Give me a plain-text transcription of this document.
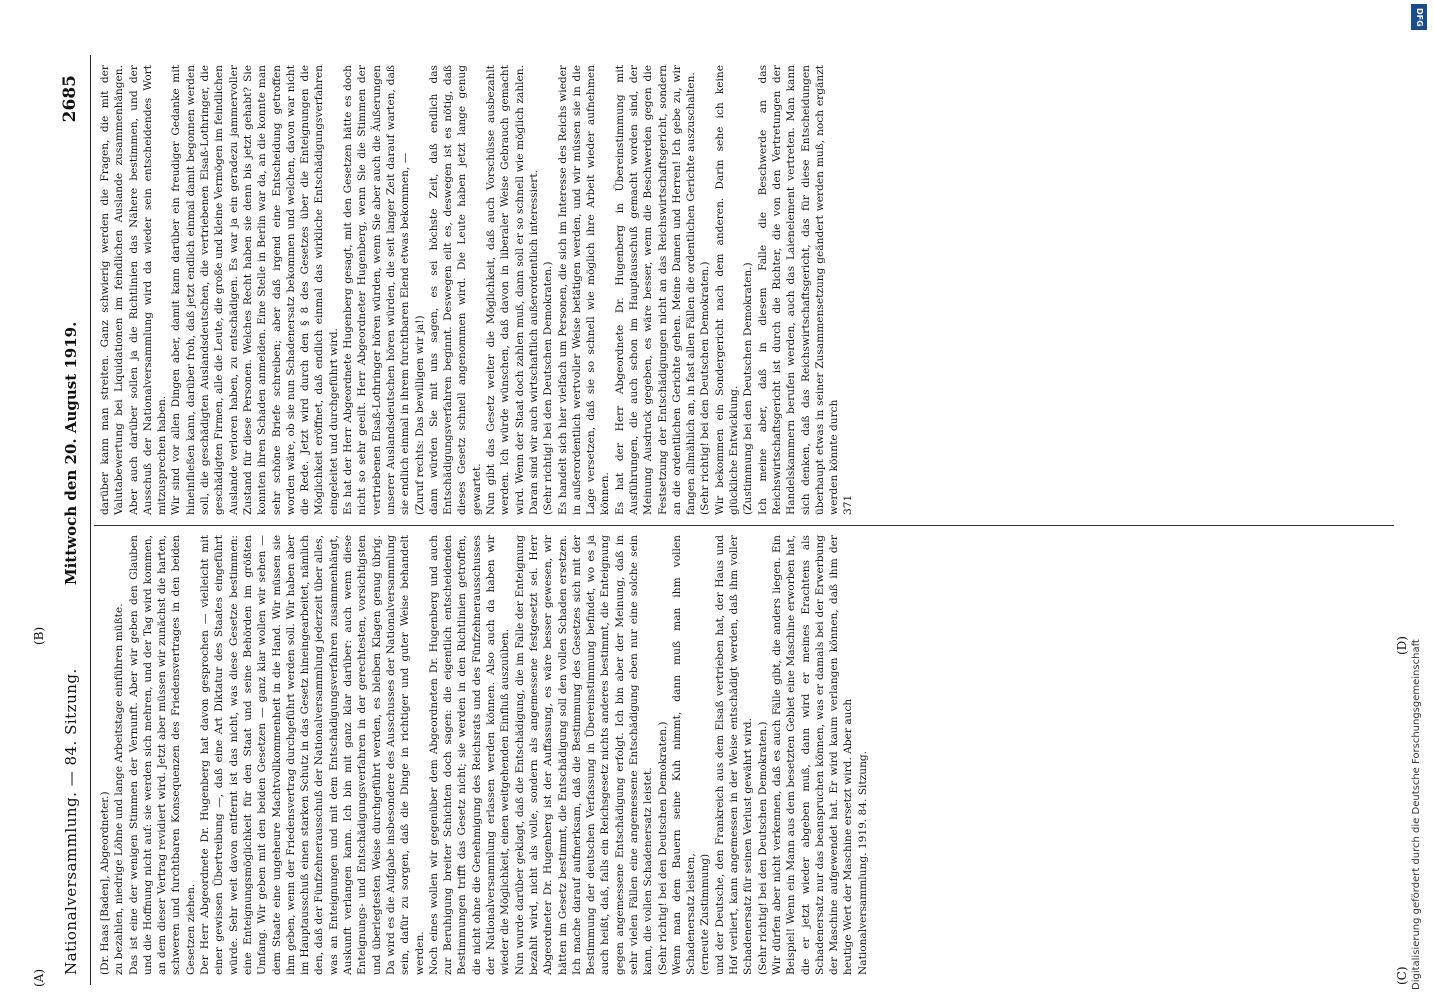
Nationalversammlung. — 84. Sitzung.
Mittwoch den 20. August 1919.
2685
(Dr. Haas [Baden], Abgeordneter.)
zu bezahlen, niedrige Löhne und lange Arbeitstage einführen müßte.
Das ist eine der wenigen Stimmen der Vernunft. Aber wir geben den Glauben und die Hoffnung nicht auf: sie werden sich mehren, und der Tag wird kommen, an dem dieser Vertrag revidiert wird. Jetzt aber müssen wir zunächst die harten, schweren und furchtbaren Konsequenzen des Friedensvertrages in den beiden Gesetzen ziehen.
Der Herr Abgeordnete Dr. Hugenberg hat davon gesprochen — vielleicht mit einer gewissen Übertreibung —, daß eine Art Diktatur des Staates eingeführt würde. Sehr weit davon entfernt ist das nicht, was diese Gesetze bestimmen: eine Enteignungsmöglichkeit für den Staat und seine Behörden im größten Umfang. Wir geben mit den beiden Gesetzen — ganz klar wollen wir sehen — dem Staate eine ungeheure Machtvollkommenheit in die Hand. Wir müssen sie ihm geben, wenn der Friedensvertrag durchgeführt werden soll. Wir haben aber im Hauptausschuß einen starken Schutz in das Gesetz hineingearbeitet, nämlich den, daß der Fünfzehnerausschuß der Nationalversammlung jederzeit über alles, was an Enteignungen und mit dem Entschädigungsverfahren zusammenhängt, Auskunft verlangen kann. Ich bin mit ganz klar darüber: auch wenn diese Enteignungs- und Entschädigungsverfahren in der gerechtesten, vorsichtigsten und überlegtesten Weise durchgeführt werden, es bleiben Klagen genug übrig. Da wird es die Aufgabe insbesondere des Ausschusses der Nationalversammlung sein, dafür zu sorgen, daß die Dinge in richtiger und guter Weise behandelt werden.
Noch eines wollen wir gegenüber dem Abgeordneten Dr. Hugenberg und auch zur Beruhigung breiter Schichten doch sagen: die eigentlich entscheidenden Bestimmungen trifft das Gesetz nicht; sie werden in den Richtlinien getroffen, die nicht ohne die Genehmigung des Reichsrats und des Fünfzehnerausschusses der Nationalversammlung erlassen werden können. Also auch da haben wir wieder die Möglichkeit, einen weitgehenden Einfluß auszuüben.
Nun wurde darüber geklagt, daß die Entschädigung, die im Falle der Enteignung bezahlt wird, nicht als volle, sondern als angemessene festgesetzt sei. Herr Abgeordneter Dr. Hugenberg ist der Auffassung, es wäre besser gewesen, wir hätten im Gesetz bestimmt, die Entschädigung soll den vollen Schaden ersetzen. Ich mache darauf aufmerksam, daß die Bestimmung des Gesetzes sich mit der Bestimmung der deutschen Verfassung in Übereinstimmung befindet, wo es ja auch heißt, daß, falls ein Reichsgesetz nichts anderes bestimmt, die Enteignung gegen angemessene Entschädigung erfolgt. Ich bin aber der Meinung, daß in sehr vielen Fällen eine angemessene Entschädigung eben nur eine solche sein kann, die vollen Schadenersatz leistet.
(Sehr richtig! bei den Deutschen Demokraten.)
Wenn man dem Bauern seine Kuh nimmt, dann muß man ihm vollen Schadenersatz leisten,
(erneute Zustimmung)
und der Deutsche, den Frankreich aus dem Elsaß vertrieben hat, der Haus und Hof verliert, kann angemessen in der Weise entschädigt werden, daß ihm voller Schadenersatz für seinen Verlust gewährt wird.
(Sehr richtig! bei den Deutschen Demokraten.)
Wir dürfen aber nicht verkennen, daß es auch Fälle gibt, die anders liegen. Ein Beispiel! Wenn ein Mann aus dem besetzten Gebiet eine Maschine erworben hat, die er jetzt wieder abgeben muß, dann wird er meines Erachtens als Schadenersatz nur das beanspruchen können, was er damals bei der Erwerbung der Maschine aufgewendet hat. Er wird kaum verlangen können, daß ihm der heutige Wert der Maschine ersetzt wird. Aber auch
Nationalversammlung. 1919. 84. Sitzung.
darüber kann man streiten. Ganz schwierig werden die Fragen, die mit der Valutabewertung bei Liquidationen im feindlichen Auslande zusammenhängen. Aber auch darüber sollen ja die Richtlinien das Nähere bestimmen, und der Ausschuß der Nationalversammlung wird da wieder sein entscheidendes Wort mitzusprechen haben.
Wir sind vor allen Dingen aber, damit kann darüber ein freudiger Gedanke mit hineinfließen kann, darüber froh, daß jetzt endlich einmal damit begonnen werden soll, die geschädigten Auslandsdeutschen, die vertriebenen Elsaß-Lothringer, die geschädigten Firmen, alle die Leute, die große und kleine Vermögen im feindlichen Auslande verloren haben, zu entschädigen. Es war ja ein geradezu jammervoller Zustand für diese Personen. Welches Recht haben sie denn bis jetzt gehabt? Sie konnten ihren Schaden anmelden. Eine Stelle in Berlin war da, an die konnte man sehr schöne Briefe schreiben; aber daß irgend eine Entscheidung getroffen worden wäre, ob sie nun Schadenersatz bekommen und welchen, davon war nicht die Rede. Jetzt wird durch den § 8 des Gesetzes über die Enteignungen die Möglichkeit eröffnet, daß endlich einmal das wirkliche Entschädigungsverfahren eingeleitet und durchgeführt wird.
Es hat der Herr Abgeordnete Hugenberg gesagt, mit den Gesetzen hätte es doch nicht so sehr geeilt. Herr Abgeordneter Hugenberg, wenn Sie die Stimmen der vertriebenen Elsaß-Lothringer hören würden, wenn Sie aber auch die Äußerungen unserer Auslandsdeutschen hören würden, die seit langer Zeit darauf warten, daß sie endlich einmal in ihrem furchtbaren Elend etwas bekommen, —
(Zuruf rechts: Das bewilligen wir ja!)
dann würden Sie mit uns sagen, es sei höchste Zeit, daß endlich das Entschädigungsverfahren beginnt. Deswegen eilt es, deswegen ist es nötig, daß dieses Gesetz schnell angenommen wird. Die Leute haben jetzt lange genug gewartet.
Nun gibt das Gesetz weiter die Möglichkeit, daß auch Vorschüsse ausbezahlt werden. Ich würde wünschen, daß davon in liberaler Weise Gebrauch gemacht wird. Wenn der Staat doch zahlen muß, dann soll er so schnell wie möglich zahlen. Daran sind wir auch wirtschaftlich außerordentlich interessiert.
(Sehr richtig! bei den Deutschen Demokraten.)
Es handelt sich hier vielfach um Personen, die sich im Interesse des Reichs wieder in außerordentlich wertvoller Weise betätigen werden, und wir müssen sie in die Lage versetzen, daß sie so schnell wie möglich ihre Arbeit wieder aufnehmen können.
Es hat der Herr Abgeordnete Dr. Hugenberg in Übereinstimmung mit Ausführungen, die auch schon im Hauptausschuß gemacht worden sind, der Meinung Ausdruck gegeben, es wäre besser, wenn die Beschwerden gegen die Festsetzung der Entschädigungen nicht an das Reichswirtschaftsgericht, sondern an die ordentlichen Gerichte gehen. Meine Damen und Herren! Ich gebe zu, wir fangen allmählich an, in fast allen Fällen die ordentlichen Gerichte auszuschalten.
(Sehr richtig! bei den Deutschen Demokraten.)
Wir bekommen ein Sondergericht nach dem anderen. Darin sehe ich keine glückliche Entwicklung.
(Zustimmung bei den Deutschen Demokraten.)
Ich meine aber, daß in diesem Falle die Beschwerde an das Reichswirtschaftsgericht ist durch die Richter, die von den Vertretungen der Handelskammern berufen werden, auch das Laienelement vertreten. Man kann sich denken, daß das Reichswirtschaftsgericht, das für diese Entscheidungen überhaupt etwas in seiner Zusammensetzung geändert werden muß, noch ergänzt werden könnte durch
371
(A)
(B)
(C)
(D)
DFG
Digitalisierung gefördert durch die Deutsche Forschungsgemeinschaft
